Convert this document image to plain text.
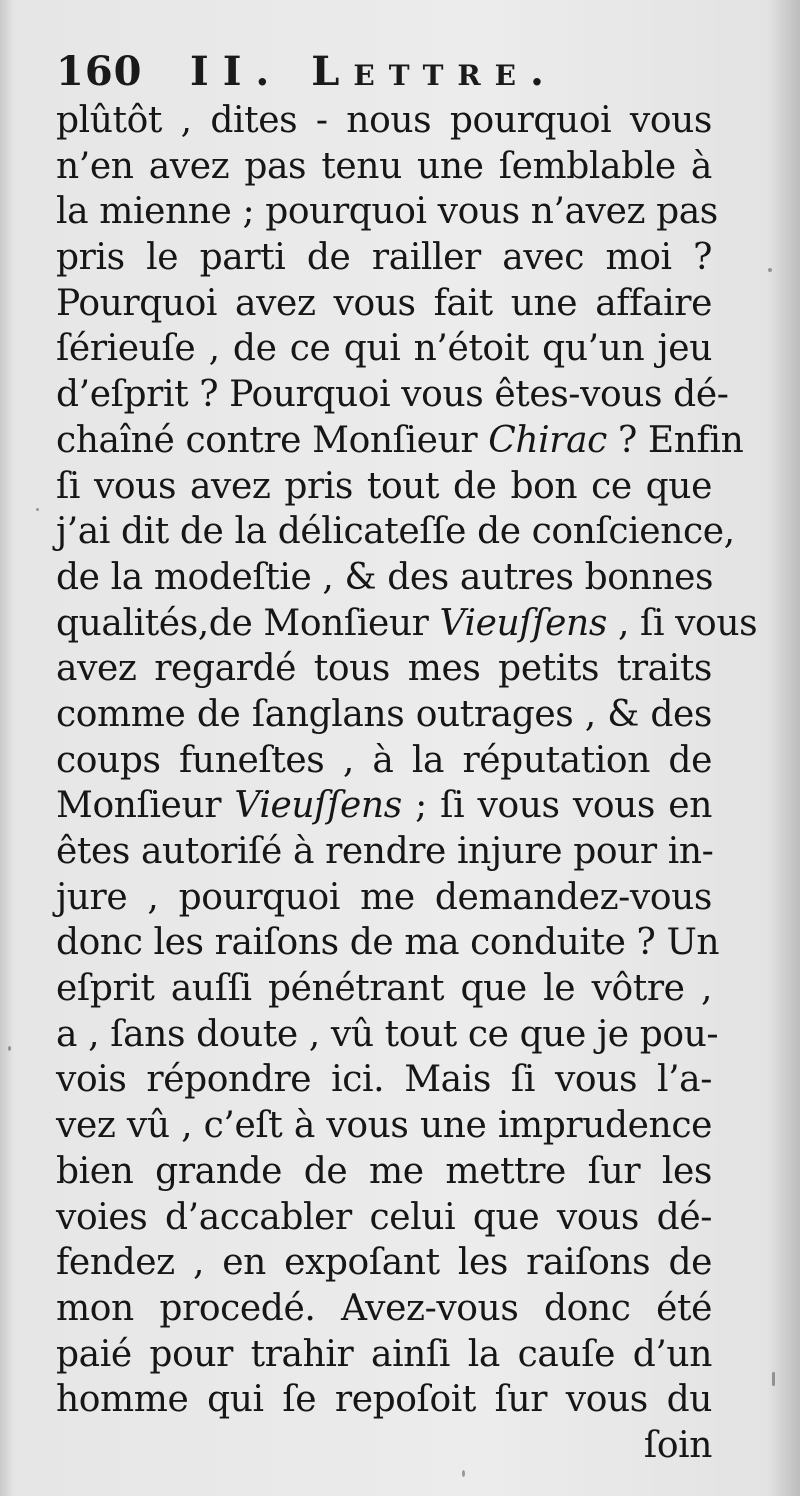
160 II. Lettre.
plûtôt , dites - nous pourquoi vous
n’en avez pas tenu une ſemblable à
la mienne ; pourquoi vous n’avez pas
pris le parti de railler avec moi ?
Pourquoi avez vous fait une affaire
ſérieuſe , de ce qui n’étoit qu’un jeu
d’eſprit ? Pourquoi vous êtes-vous dé-
chaîné contre Monſieur Chirac ? Enfin
ſi vous avez pris tout de bon ce que
j’ai dit de la délicateſſe de conſcience,
de la modeſtie , & des autres bonnes
qualités,de Monſieur Vieuſſens , ſi vous
avez regardé tous mes petits traits
comme de ſanglans outrages , & des
coups funeſtes , à la réputation de
Monſieur Vieuſſens ; ſi vous vous en
êtes autoriſé à rendre injure pour in-
jure , pourquoi me demandez-vous
donc les raiſons de ma conduite ? Un
eſprit auſſi pénétrant que le vôtre ,
a , ſans doute , vû tout ce que je pou-
vois répondre ici. Mais ſi vous l’a-
vez vû , c’eſt à vous une imprudence
bien grande de me mettre ſur les
voies d’accabler celui que vous dé-
fendez , en expoſant les raiſons de
mon procedé. Avez-vous donc été
paié pour trahir ainſi la cauſe d’un
homme qui ſe repoſoit ſur vous du
ſoin
